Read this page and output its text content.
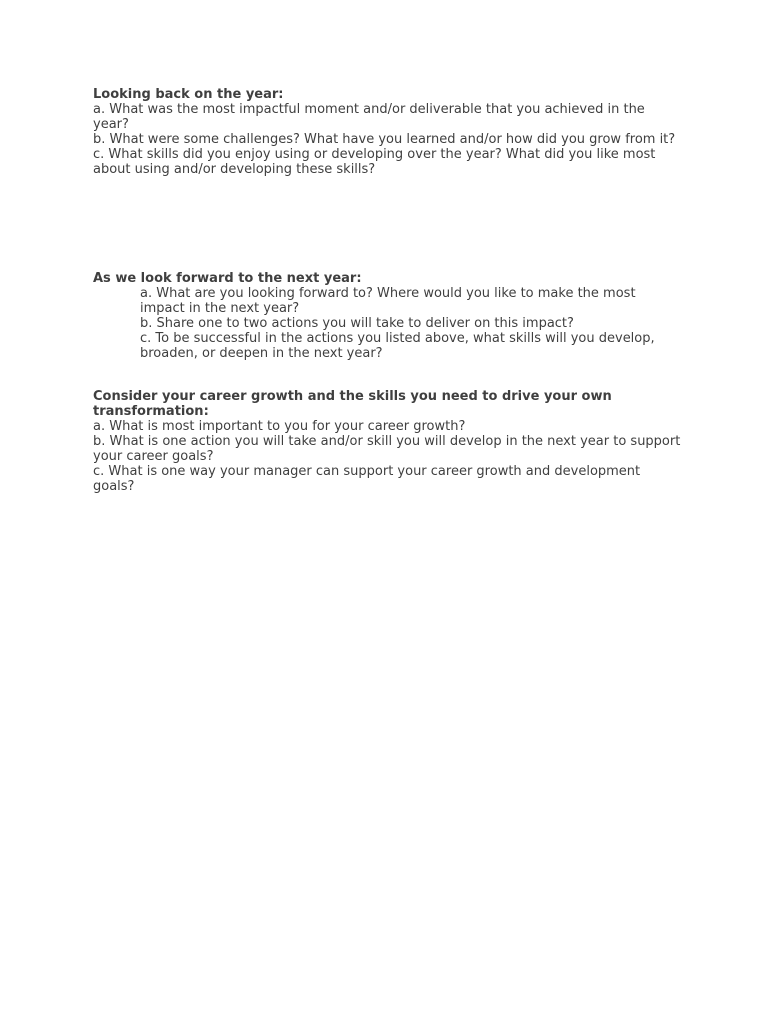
Looking back on the year:
a. What was the most impactful moment and/or deliverable that you achieved in the year?
b. What were some challenges? What have you learned and/or how did you grow from it?
c. What skills did you enjoy using or developing over the year? What did you like most about using and/or developing these skills?
As we look forward to the next year:
a. What are you looking forward to? Where would you like to make the most impact in the next year?
b. Share one to two actions you will take to deliver on this impact?
c. To be successful in the actions you listed above, what skills will you develop, broaden, or deepen in the next year?
Consider your career growth and the skills you need to drive your own transformation:
a. What is most important to you for your career growth?
b. What is one action you will take and/or skill you will develop in the next year to support your career goals?
c. What is one way your manager can support your career growth and development goals?
